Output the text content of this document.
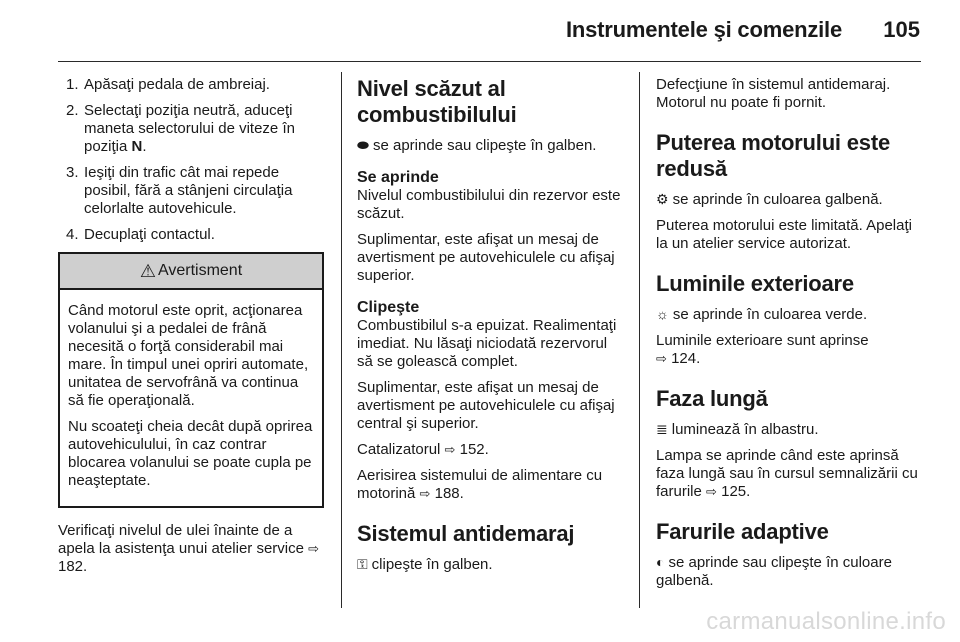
Instrumentele şi comenzile 105
1. Apăsaţi pedala de ambreiaj.
2. Selectaţi poziţia neutră, aduceţi maneta selectorului de viteze în poziţia N.
3. Ieşiţi din trafic cât mai repede posibil, fără a stânjeni circulaţia celorlalte autovehicule.
4. Decuplaţi contactul.
⚠ Avertisment

Când motorul este oprit, acţionarea volanului şi a pedalei de frână necesită o forţă considerabil mai mare. În timpul unei opriri automate, unitatea de servofrână va continua să fie operaţională.

Nu scoateţi cheia decât după oprirea autovehiculului, în caz contrar blocarea volanului se poate cupla pe neaşteptate.

Verificaţi nivelul de ulei înainte de a apela la asistenţa unui atelier service ⇨ 182.

Nivel scăzut al combustibilului

⬬ se aprinde sau clipeşte în galben.

Se aprinde

Nivelul combustibilului din rezervor este scăzut.

Suplimentar, este afişat un mesaj de avertisment pe autovehiculele cu afişaj superior.

Clipeşte

Combustibilul s-a epuizat. Realimentaţi imediat. Nu lăsaţi niciodată rezervorul să se golească complet.

Suplimentar, este afişat un mesaj de avertisment pe autovehiculele cu afişaj central şi superior.

Catalizatorul ⇨ 152.

Aerisirea sistemului de alimentare cu motorină ⇨ 188.

Sistemul antidemaraj

⚿ clipeşte în galben.

Defecţiune în sistemul antidemaraj. Motorul nu poate fi pornit.

Puterea motorului este redusă

⚙ se aprinde în culoarea galbenă.

Puterea motorului este limitată. Apelaţi la un atelier service autorizat.

Luminile exterioare

☼ se aprinde în culoarea verde.

Luminile exterioare sunt aprinse
⇨ 124.

Faza lungă

≣ luminează în albastru.

Lampa se aprinde când este aprinsă faza lungă sau în cursul semnalizării cu farurile ⇨ 125.

Farurile adaptive

◐ se aprinde sau clipeşte în culoare galbenă.

carmanualsonline.info
